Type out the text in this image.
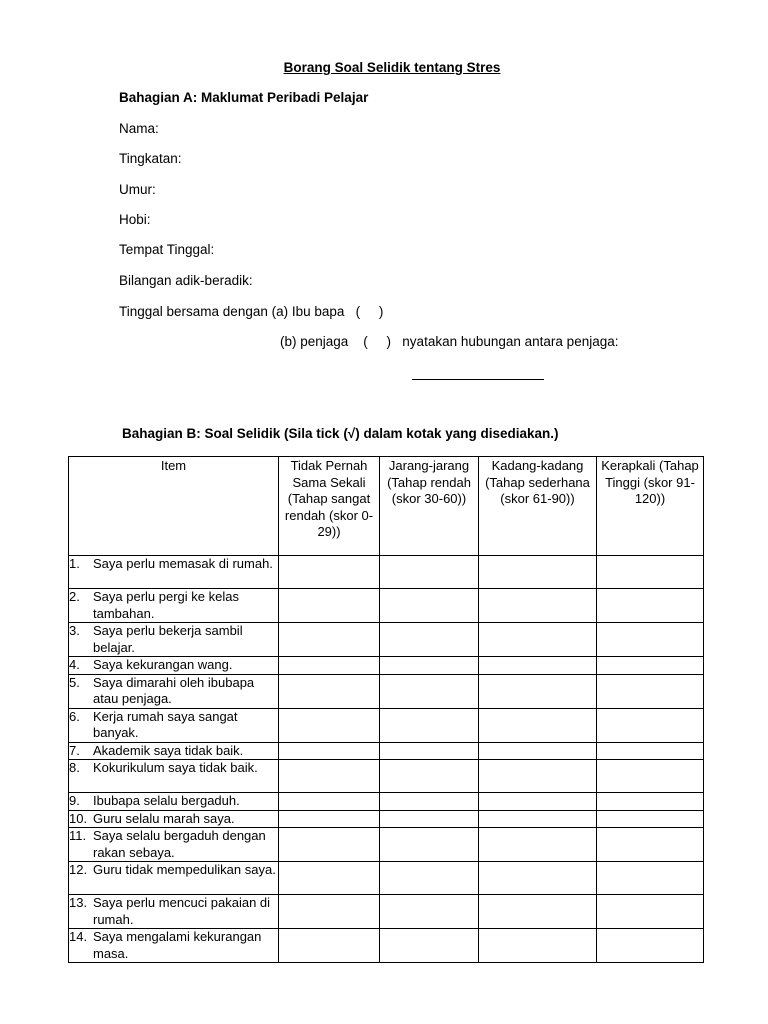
Borang Soal Selidik tentang Stres
Bahagian A: Maklumat Peribadi Pelajar
Nama:
Tingkatan:
Umur:
Hobi:
Tempat Tinggal:
Bilangan adik-beradik:
Tinggal bersama dengan (a) Ibu bapa   (     )
(b) penjaga    (     )   nyatakan hubungan antara penjaga:
Bahagian B: Soal Selidik (Sila tick (√) dalam kotak yang disediakan.)
Item	Tidak Pernah Sama Sekali (Tahap sangat rendah (skor 0-29))	Jarang-jarang (Tahap rendah (skor 30-60))	Kadang-kadang (Tahap sederhana (skor 61-90))	Kerapkali (Tahap Tinggi (skor 91-120))

1. Saya perlu memasak di rumah.				

2. Saya perlu pergi ke kelas tambahan.				

3. Saya perlu bekerja sambil belajar.				

4. Saya kekurangan wang.				

5. Saya dimarahi oleh ibubapa atau penjaga.				

6. Kerja rumah saya sangat banyak.				

7. Akademik saya tidak baik.				

8. Kokurikulum saya tidak baik.				

9. Ibubapa selalu bergaduh.				

10. Guru selalu marah saya.				

11. Saya selalu bergaduh dengan rakan sebaya.				

12. Guru tidak mempedulikan saya.				

13. Saya perlu mencuci pakaian di rumah.				

14. Saya mengalami kekurangan masa.				
